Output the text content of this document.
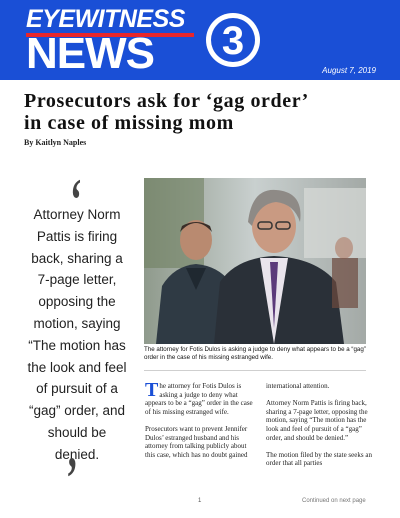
EYEWITNESS
NEWS 3
August 7, 2019
Prosecutors ask for ‘gag order’
in case of missing mom
By Kaitlyn Naples
‘
Attorney Norm Pattis is firing back, sharing a 7-page letter, opposing the motion, saying “The motion has the look and feel of pursuit of a “gag” order, and should be denied.
’
The attorney for Fotis Dulos is asking a judge to deny what appears to be a “gag” order in the case of his missing estranged wife.

The attorney for Fotis Dulos is asking a judge to deny what appears to be a “gag” order in the case of his missing estranged wife.

Prosecutors want to prevent Jennifer Dulos’ estranged husband and his attorney from talking publicly about this case, which has no doubt gained

international attention.

Attorney Norm Pattis is firing back, sharing a 7-page letter, opposing the motion, saying “The motion has the look and feel of pursuit of a “gag” order, and should be denied.”

The motion filed by the state seeks an order that all parties

1	Continued on next page
